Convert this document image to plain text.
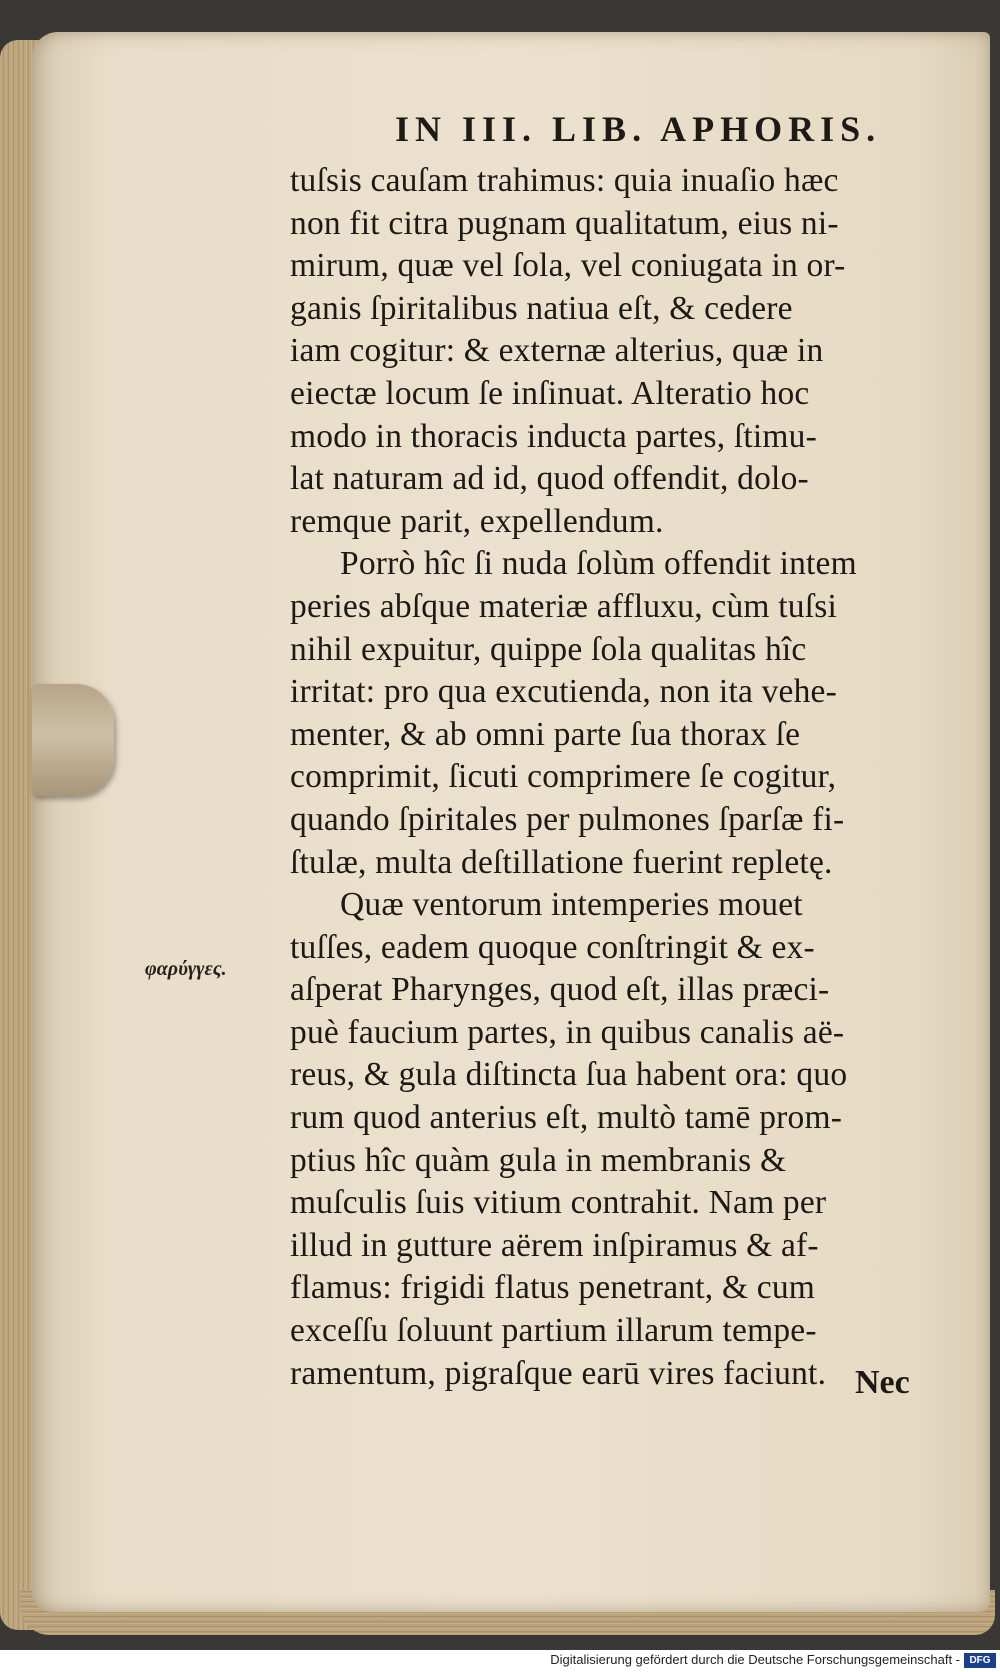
IN III. LIB. APHORIS.
tuſsis cauſam trahimus: quia inuaſio hæc
non fit citra pugnam qualitatum, eius ni-
mirum, quæ vel ſola, vel coniugata in or-
ganis ſpiritalibus natiua eſt, & cedere
iam cogitur: & externæ alterius, quæ in
eiectæ locum ſe inſinuat. Alteratio hoc
modo in thoracis inducta partes, ſtimu-
lat naturam ad id, quod offendit, dolo-
remque parit, expellendum.
Porrò hîc ſi nuda ſolùm offendit intem
peries abſque materiæ affluxu, cùm tuſsi
nihil expuitur, quippe ſola qualitas hîc
irritat: pro qua excutienda, non ita vehe-
menter, & ab omni parte ſua thorax ſe
comprimit, ſicuti comprimere ſe cogitur,
quando ſpiritales per pulmones ſparſæ fi-
ſtulæ, multa deſtillatione fuerint repletę.
Quæ ventorum intemperies mouet
tuſſes, eadem quoque conſtringit & ex-
aſperat Pharynges, quod eſt, illas præci-
puè faucium partes, in quibus canalis aë-
reus, & gula diſtincta ſua habent ora: quo
rum quod anterius eſt, multò tamē prom-
ptius hîc quàm gula in membranis &
muſculis ſuis vitium contrahit. Nam per
illud in gutture aërem inſpiramus & af-
flamus: frigidi flatus penetrant, & cum
exceſſu ſoluunt partium illarum tempe-
ramentum, pigraſque earū vires faciunt.
φαρύγγες.
Nec
Digitalisierung gefördert durch die Deutsche Forschungsgemeinschaft - DFG
